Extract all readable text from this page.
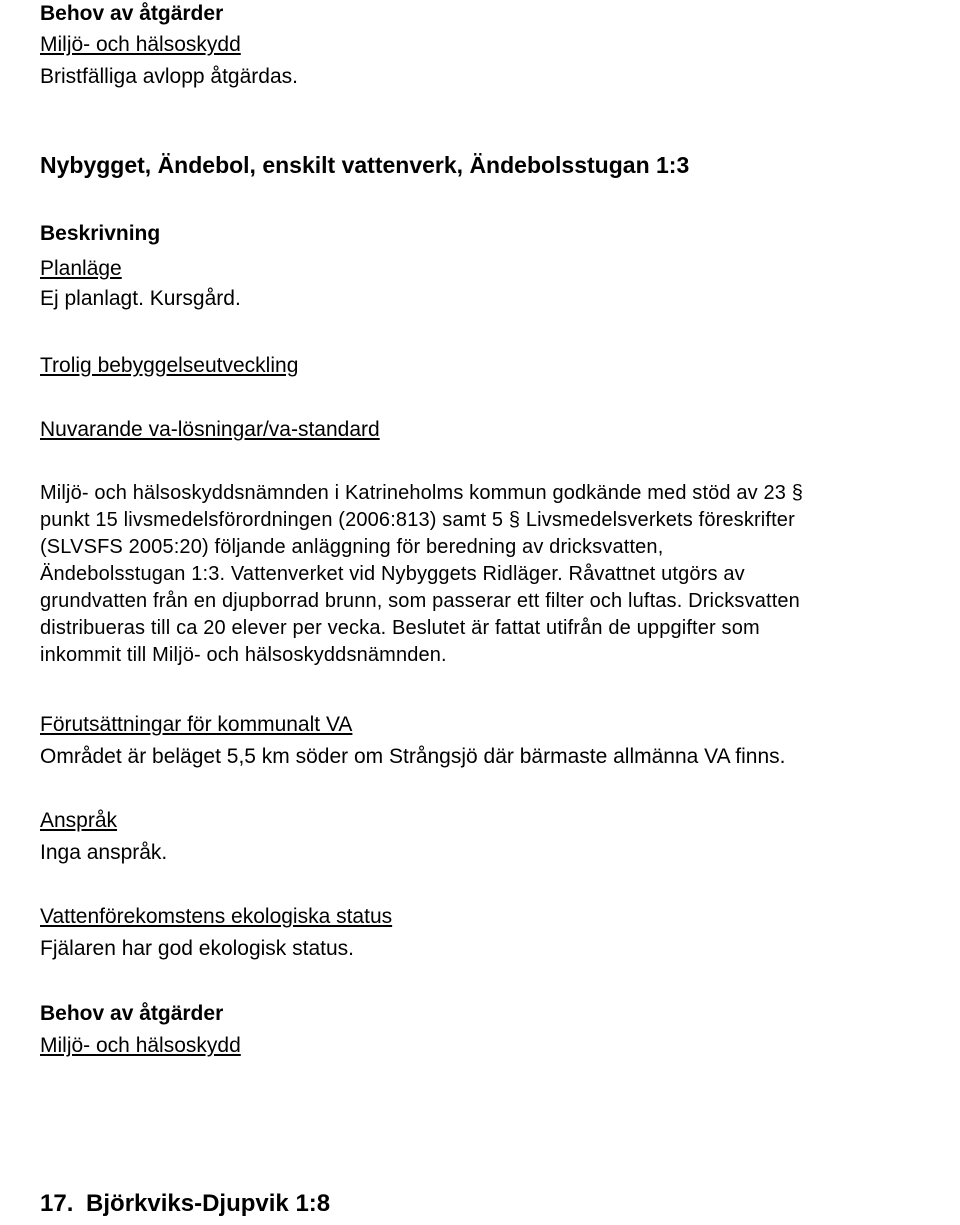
Behov av åtgärder
Miljö- och hälsoskydd
Bristfälliga avlopp åtgärdas.
Nybygget, Ändebol, enskilt vattenverk, Ändebolsstugan 1:3
Beskrivning
Planläge
Ej planlagt. Kursgård.
Trolig bebyggelseutveckling
Nuvarande va-lösningar/va-standard
Miljö- och hälsoskyddsnämnden i Katrineholms kommun godkände med stöd av 23 §
punkt 15 livsmedelsförordningen (2006:813) samt 5 § Livsmedelsverkets föreskrifter
(SLVSFS 2005:20) följande anläggning för beredning av dricksvatten,
Ändebolsstugan 1:3. Vattenverket vid Nybyggets Ridläger. Råvattnet utgörs av
grundvatten från en djupborrad brunn, som passerar ett filter och luftas. Dricksvatten
distribueras till ca 20 elever per vecka. Beslutet är fattat utifrån de uppgifter som
inkommit till Miljö- och hälsoskyddsnämnden.
Förutsättningar för kommunalt VA
Området är beläget 5,5 km söder om Strångsjö där bärmaste allmänna VA finns.
Anspråk
Inga anspråk.
Vattenförekomstens ekologiska status
Fjälaren har god ekologisk status.
Behov av åtgärder
Miljö- och hälsoskydd
17. Björkviks-Djupvik 1:8
